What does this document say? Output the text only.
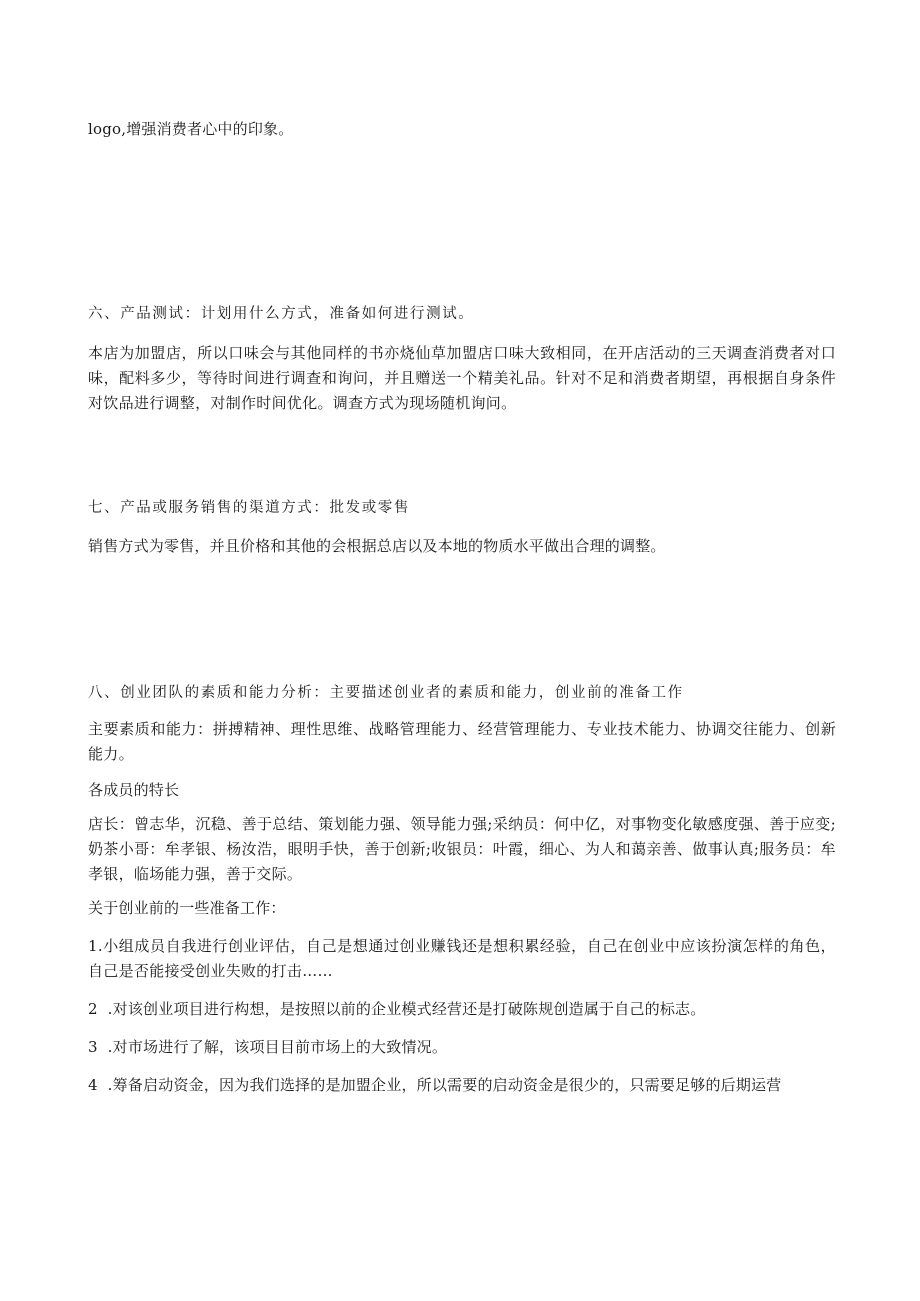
logo,增强消费者心中的印象。
六、产品测试：计划用什么方式，准备如何进行测试。
本店为加盟店，所以口味会与其他同样的书亦烧仙草加盟店口味大致相同，在开店活动的三天调查消费者对口味，配料多少，等待时间进行调查和询问，并且赠送一个精美礼品。针对不足和消费者期望，再根据自身条件对饮品进行调整，对制作时间优化。调查方式为现场随机询问。
七、产品或服务销售的渠道方式：批发或零售
销售方式为零售，并且价格和其他的会根据总店以及本地的物质水平做出合理的调整。
八、创业团队的素质和能力分析：主要描述创业者的素质和能力，创业前的准备工作
主要素质和能力：拼搏精神、理性思维、战略管理能力、经营管理能力、专业技术能力、协调交往能力、创新能力。
各成员的特长
店长：曾志华，沉稳、善于总结、策划能力强、领导能力强;采纳员：何中亿，对事物变化敏感度强、善于应变;奶茶小哥：牟孝银、杨汝浩，眼明手快，善于创新;收银员：叶霞，细心、为人和蔼亲善、做事认真;服务员：牟孝银，临场能力强，善于交际。
关于创业前的一些准备工作：
1.小组成员自我进行创业评估，自己是想通过创业赚钱还是想积累经验，自己在创业中应该扮演怎样的角色，自己是否能接受创业失败的打击……
2  .对该创业项目进行构想，是按照以前的企业模式经营还是打破陈规创造属于自己的标志。
3  .对市场进行了解，该项目目前市场上的大致情况。
4  .筹备启动资金，因为我们选择的是加盟企业，所以需要的启动资金是很少的，只需要足够的后期运营
